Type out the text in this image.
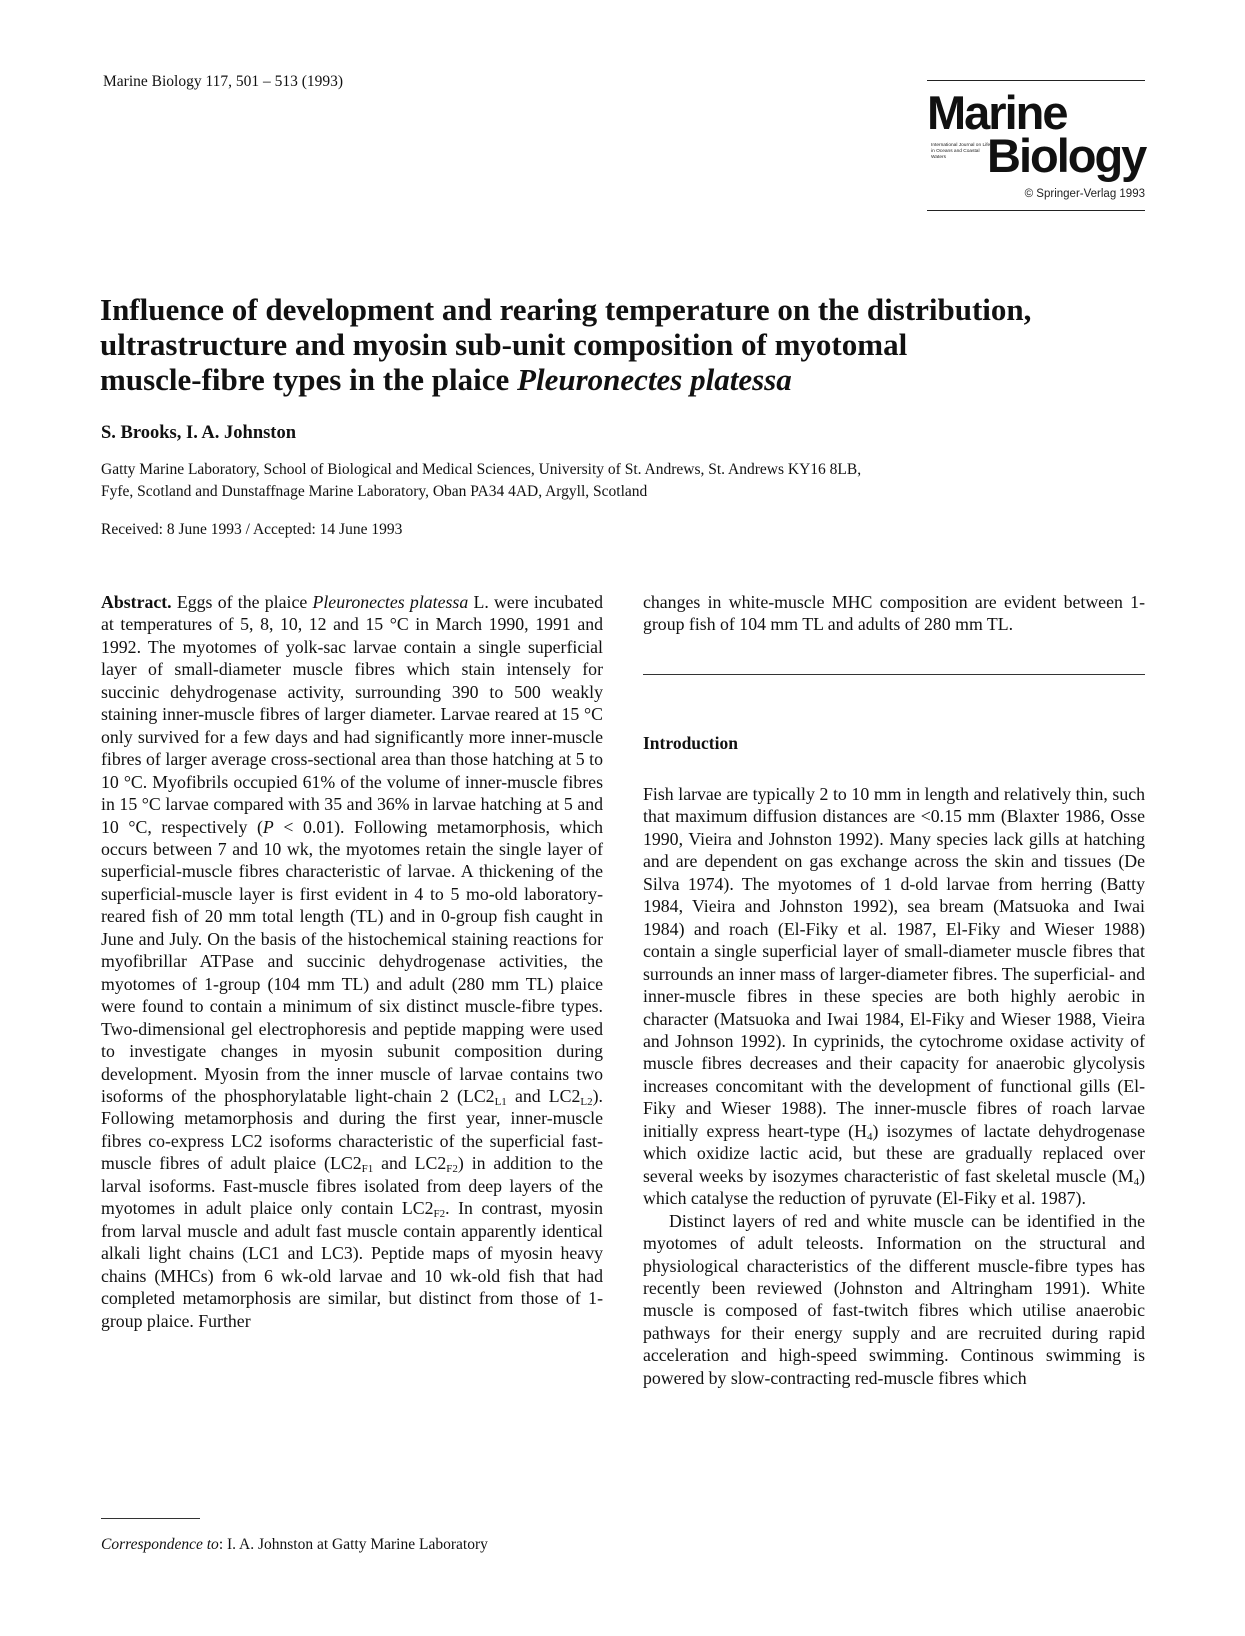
Marine Biology 117, 501 – 513 (1993)
Marine
Biology
International Journal on Life in Oceans and Coastal Waters
© Springer-Verlag 1993
Influence of development and rearing temperature on the distribution,
ultrastructure and myosin sub-unit composition of myotomal
muscle-fibre types in the plaice Pleuronectes platessa
S. Brooks, I. A. Johnston
Gatty Marine Laboratory, School of Biological and Medical Sciences, University of St. Andrews, St. Andrews KY16 8LB,
Fyfe, Scotland and Dunstaffnage Marine Laboratory, Oban PA34 4AD, Argyll, Scotland
Received: 8 June 1993 / Accepted: 14 June 1993

Abstract. Eggs of the plaice Pleuronectes platessa L. were incubated at temperatures of 5, 8, 10, 12 and 15 °C in March 1990, 1991 and 1992. The myotomes of yolk-sac larvae contain a single superficial layer of small-diameter muscle fibres which stain intensely for succinic dehydrogenase activity, surrounding 390 to 500 weakly staining inner-muscle fibres of larger diameter. Larvae reared at 15 °C only survived for a few days and had significantly more inner-muscle fibres of larger average cross-sectional area than those hatching at 5 to 10 °C. Myofibrils occupied 61% of the volume of inner-muscle fibres in 15 °C larvae compared with 35 and 36% in larvae hatching at 5 and 10 °C, respectively (P < 0.01). Following metamorphosis, which occurs between 7 and 10 wk, the myotomes retain the single layer of superficial-muscle fibres characteristic of larvae. A thickening of the superficial-muscle layer is first evident in 4 to 5 mo-old laboratory-reared fish of 20 mm total length (TL) and in 0-group fish caught in June and July. On the basis of the histochemical staining reactions for myofibrillar ATPase and succinic dehydrogenase activities, the myotomes of 1-group (104 mm TL) and adult (280 mm TL) plaice were found to contain a minimum of six distinct muscle-fibre types. Two-dimensional gel electrophoresis and peptide mapping were used to investigate changes in myosin subunit composition during development. Myosin from the inner muscle of larvae contains two isoforms of the phosphorylatable light-chain 2 ($LC2_{L1}$ and $LC2_{L2}$). Following metamorphosis and during the first year, inner-muscle fibres co-express LC2 isoforms characteristic of the superficial fast-muscle fibres of adult plaice ($LC2_{F1}$ and $LC2_{F2}$) in addition to the larval isoforms. Fast-muscle fibres isolated from deep layers of the myotomes in adult plaice only contain $LC2_{F2}$. In contrast, myosin from larval muscle and adult fast muscle contain apparently identical alkali light chains (LC1 and LC3). Peptide maps of myosin heavy chains (MHCs) from 6 wk-old larvae and 10 wk-old fish that had completed metamorphosis are similar, but distinct from those of 1-group plaice. Further

changes in white-muscle MHC composition are evident between 1-group fish of 104 mm TL and adults of 280 mm TL.

Introduction

Fish larvae are typically 2 to 10 mm in length and relatively thin, such that maximum diffusion distances are <0.15 mm (Blaxter 1986, Osse 1990, Vieira and Johnston 1992). Many species lack gills at hatching and are dependent on gas exchange across the skin and tissues (De Silva 1974). The myotomes of 1 d-old larvae from herring (Batty 1984, Vieira and Johnston 1992), sea bream (Matsuoka and Iwai 1984) and roach (El-Fiky et al. 1987, El-Fiky and Wieser 1988) contain a single superficial layer of small-diameter muscle fibres that surrounds an inner mass of larger-diameter fibres. The superficial- and inner-muscle fibres in these species are both highly aerobic in character (Matsuoka and Iwai 1984, El-Fiky and Wieser 1988, Vieira and Johnson 1992). In cyprinids, the cytochrome oxidase activity of muscle fibres decreases and their capacity for anaerobic glycolysis increases concomitant with the development of functional gills (El-Fiky and Wieser 1988). The inner-muscle fibres of roach larvae initially express heart-type $(H_4)$ isozymes of lactate dehydrogenase which oxidize lactic acid, but these are gradually replaced over several weeks by isozymes characteristic of fast skeletal muscle $(M_4)$ which catalyse the reduction of pyruvate (El-Fiky et al. 1987).

Distinct layers of red and white muscle can be identified in the myotomes of adult teleosts. Information on the structural and physiological characteristics of the different muscle-fibre types has recently been reviewed (Johnston and Altringham 1991). White muscle is composed of fast-twitch fibres which utilise anaerobic pathways for their energy supply and are recruited during rapid acceleration and high-speed swimming. Continous swimming is powered by slow-contracting red-muscle fibres which

Correspondence to: I. A. Johnston at Gatty Marine Laboratory
